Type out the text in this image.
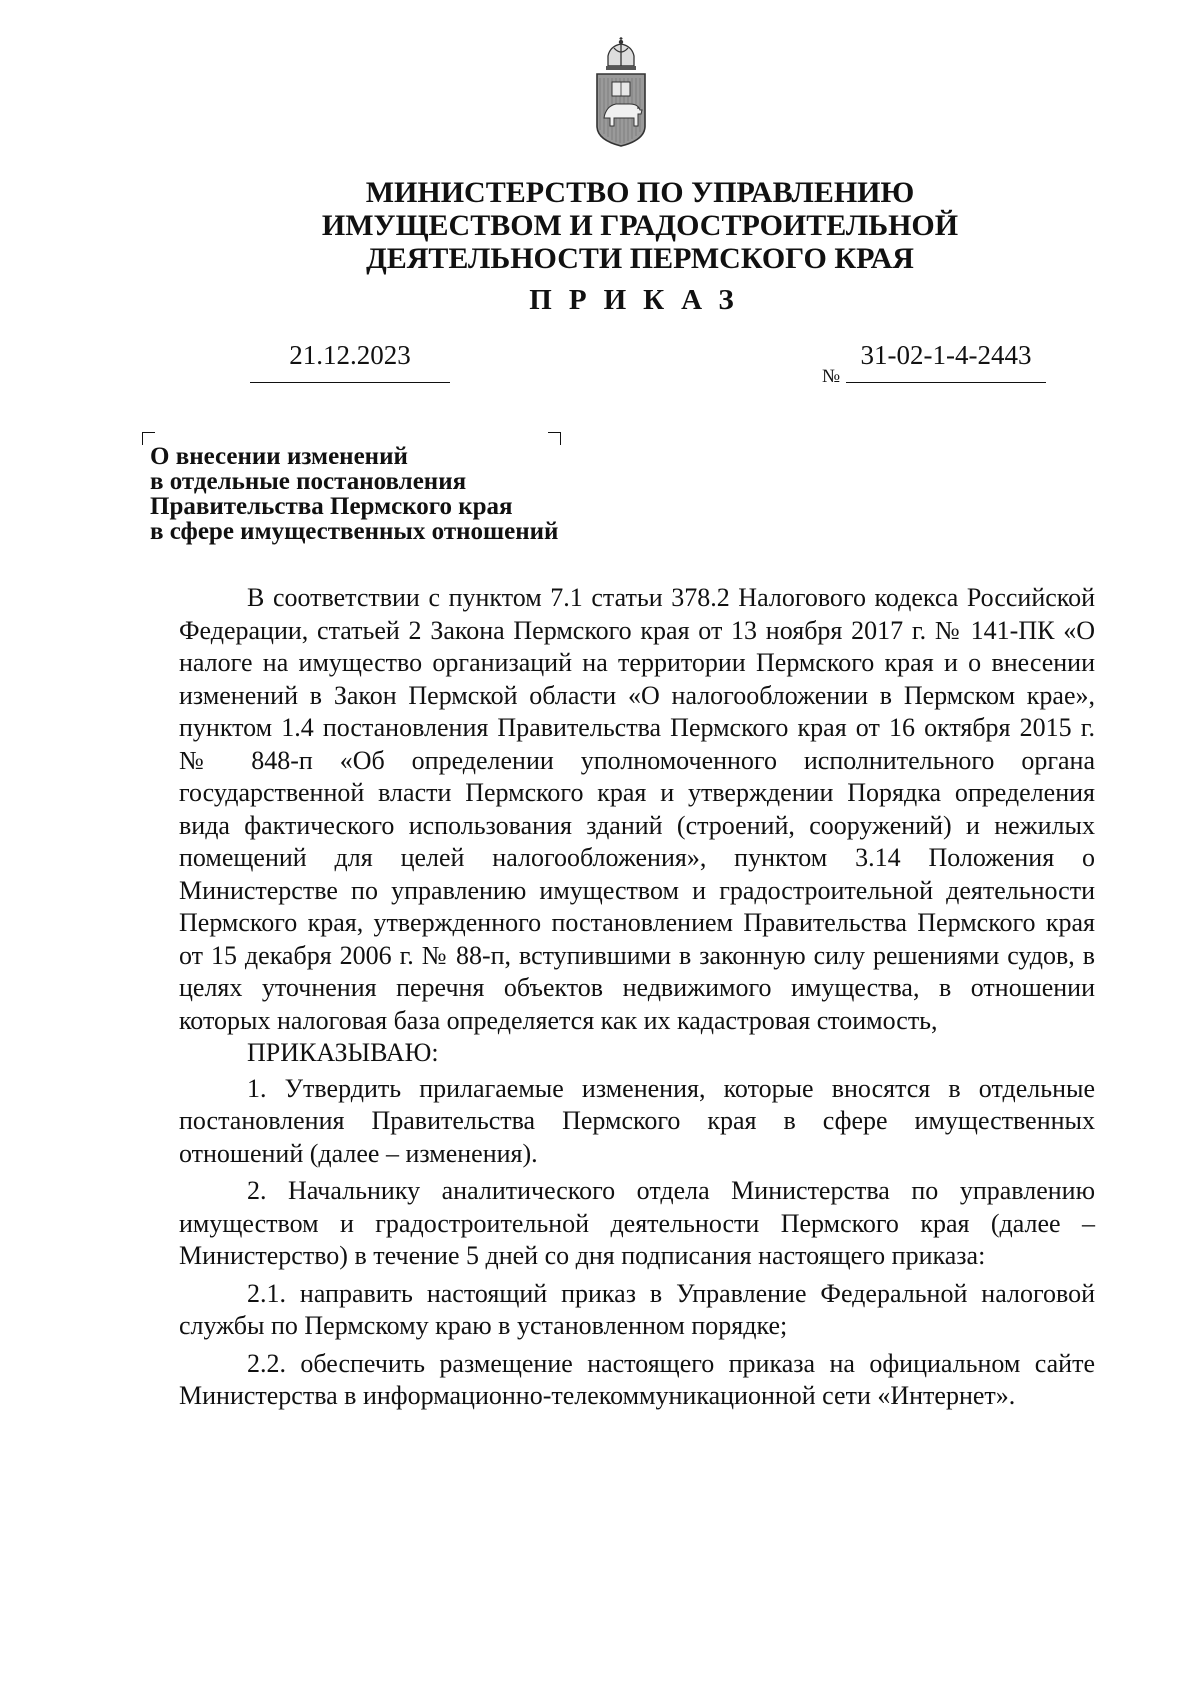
МИНИСТЕРСТВО ПО УПРАВЛЕНИЮ
ИМУЩЕСТВОМ И ГРАДОСТРОИТЕЛЬНОЙ
ДЕЯТЕЛЬНОСТИ ПЕРМСКОГО КРАЯ
ПРИКАЗ
21.12.2023
№
31-02-1-4-2443
О внесении изменений
в отдельные постановления
Правительства Пермского края
в сфере имущественных отношений

В соответствии с пунктом 7.1 статьи 378.2 Налогового кодекса Российской Федерации, статьей 2 Закона Пермского края от 13 ноября 2017 г. № 141-ПК «О налоге на имущество организаций на территории Пермского края и о внесении изменений в Закон Пермской области «О налогообложении в Пермском крае», пунктом 1.4 постановления Правительства Пермского края от 16 октября 2015 г. № 848-п «Об определении уполномоченного исполнительного органа государственной власти Пермского края и утверждении Порядка определения вида фактического использования зданий (строений, сооружений) и нежилых помещений для целей налогообложения», пунктом 3.14 Положения о Министерстве по управлению имуществом и градостроительной деятельности Пермского края, утвержденного постановлением Правительства Пермского края от 15 декабря 2006 г. № 88-п, вступившими в законную силу решениями судов, в целях уточнения перечня объектов недвижимого имущества, в отношении которых налоговая база определяется как их кадастровая стоимость,

ПРИКАЗЫВАЮ:

1. Утвердить прилагаемые изменения, которые вносятся в отдельные постановления Правительства Пермского края в сфере имущественных отношений (далее – изменения).

2. Начальнику аналитического отдела Министерства по управлению имуществом и градостроительной деятельности Пермского края (далее – Министерство) в течение 5 дней со дня подписания настоящего приказа:

2.1. направить настоящий приказ в Управление Федеральной налоговой службы по Пермскому краю в установленном порядке;

2.2. обеспечить размещение настоящего приказа на официальном сайте Министерства в информационно-телекоммуникационной сети «Интернет».
